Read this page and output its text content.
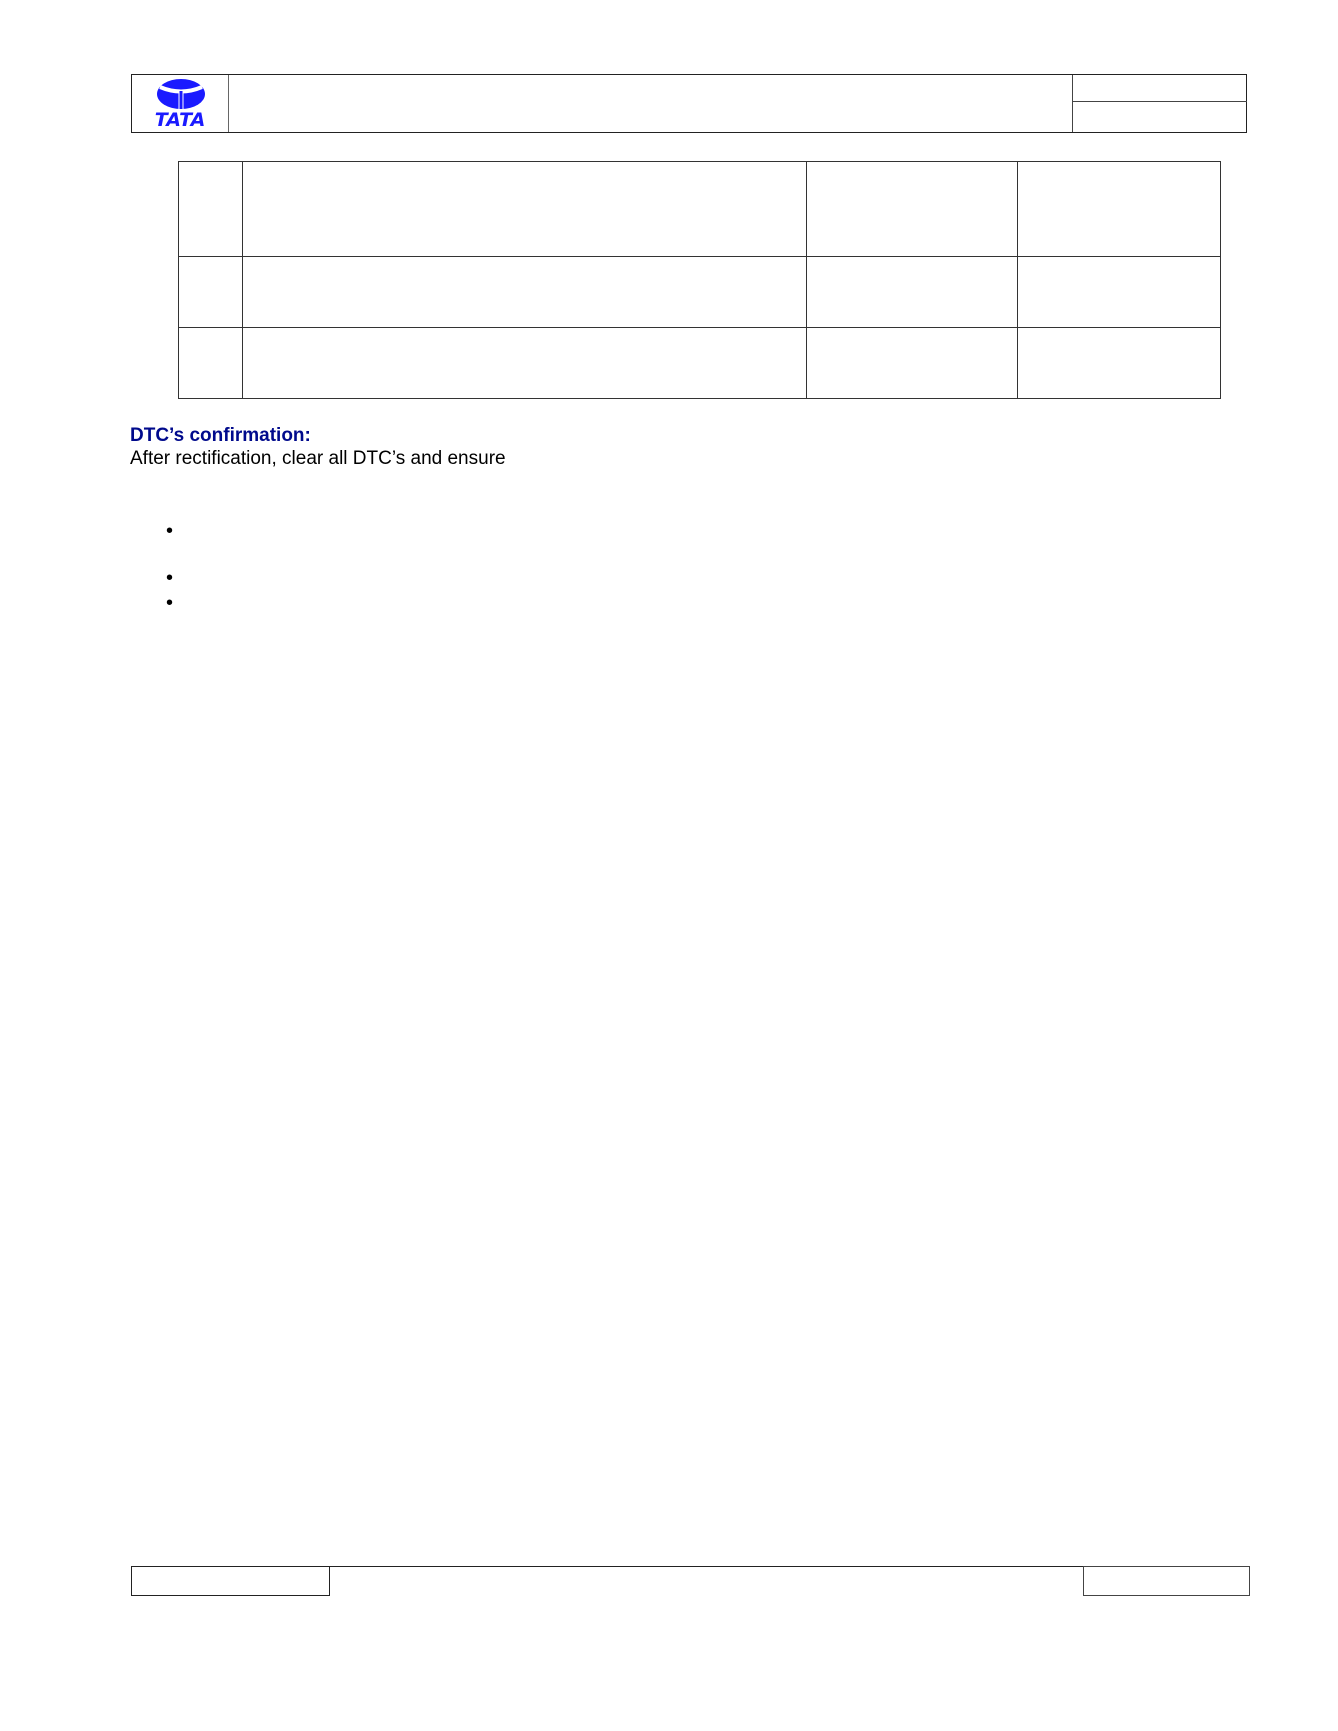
TATA

DTC’s confirmation:
After rectification, clear all DTC’s and ensure
•
•
•
